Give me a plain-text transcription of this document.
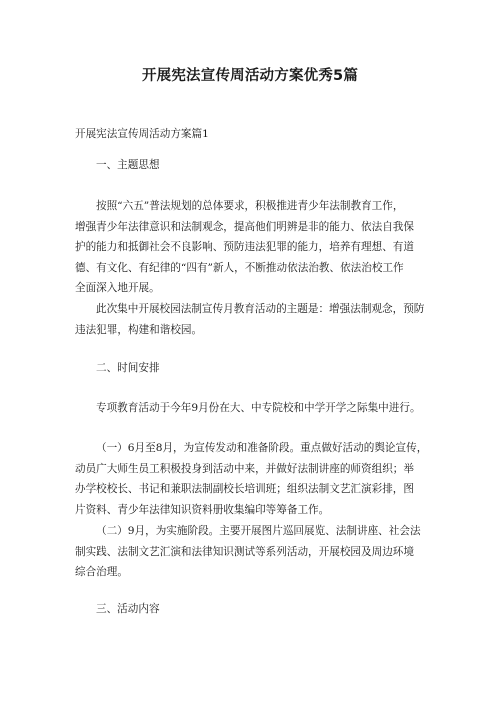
开展宪法宣传周活动方案优秀5篇
开展宪法宣传周活动方案篇1
一、主题思想
按照“六五”普法规划的总体要求，积极推进青少年法制教育工作，
增强青少年法律意识和法制观念，提高他们明辨是非的能力、依法自我保
护的能力和抵御社会不良影响、预防违法犯罪的能力，培养有理想、有道
德、有文化、有纪律的“四有”新人，不断推动依法治教、依法治校工作
全面深入地开展。
此次集中开展校园法制宣传月教育活动的主题是：增强法制观念，预防
违法犯罪，构建和谐校园。
二、时间安排
专项教育活动于今年9月份在大、中专院校和中学开学之际集中进行。
（一）6月至8月，为宣传发动和准备阶段。重点做好活动的舆论宣传，
动员广大师生员工积极投身到活动中来，并做好法制讲座的师资组织；举
办学校校长、书记和兼职法制副校长培训班；组织法制文艺汇演彩排，图
片资料、青少年法律知识资料册收集编印等筹备工作。
（二）9月，为实施阶段。主要开展图片巡回展览、法制讲座、社会法
制实践、法制文艺汇演和法律知识测试等系列活动，开展校园及周边环境
综合治理。
三、活动内容
